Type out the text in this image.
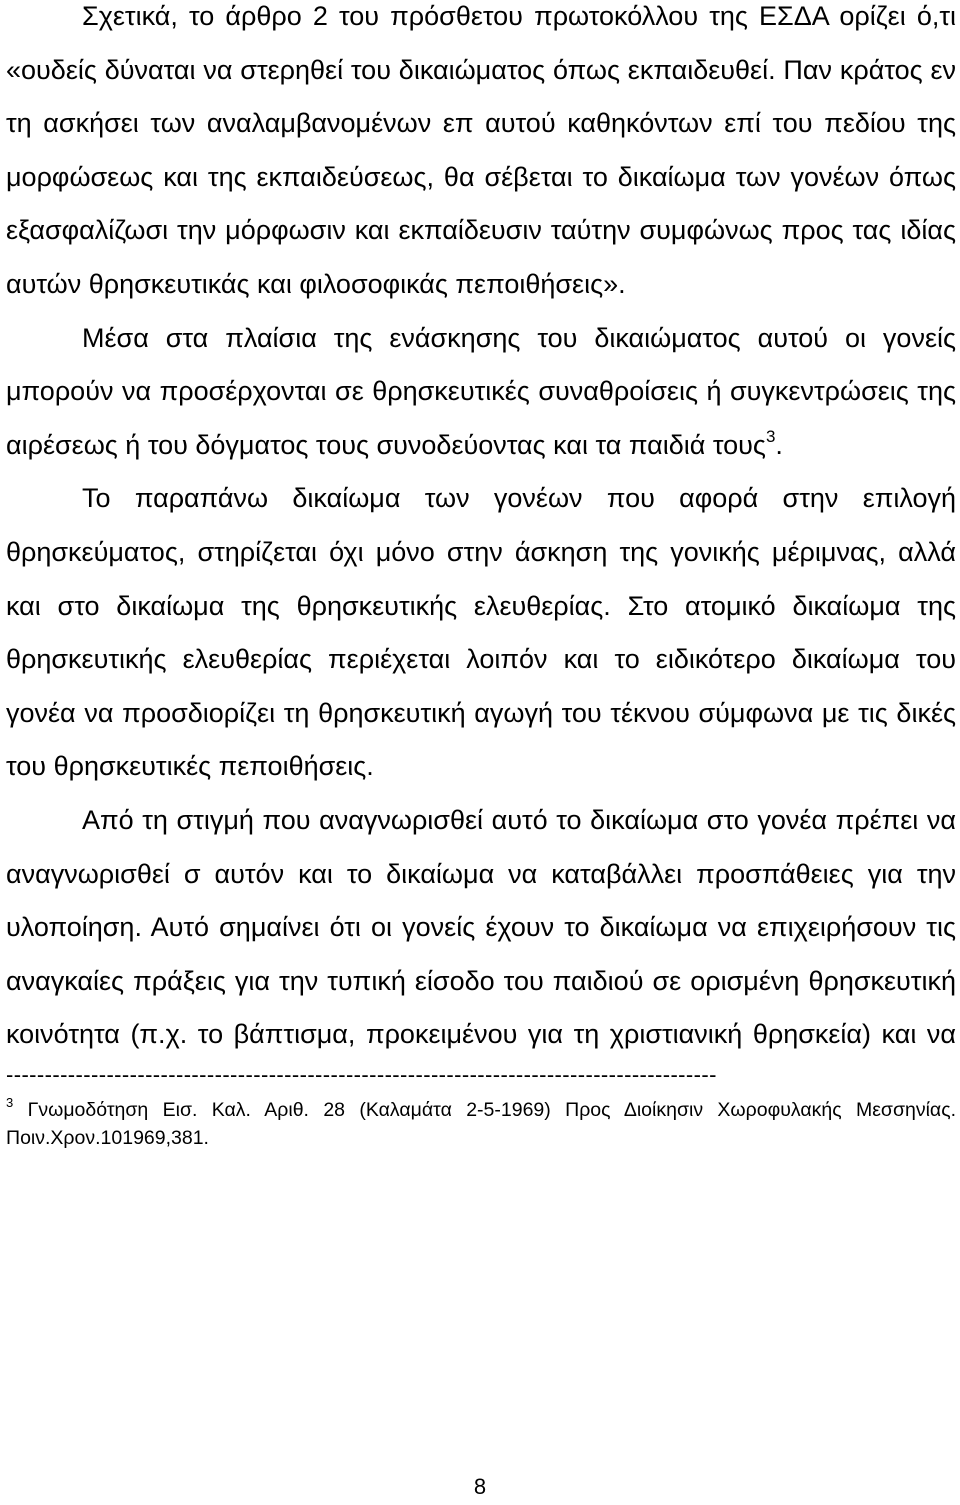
Σχετικά, το άρθρο 2 του πρόσθετου πρωτοκόλλου της ΕΣΔΑ ορίζει ό,τι «ουδείς δύναται να στερηθεί του δικαιώματος όπως εκπαιδευθεί. Παν κράτος εν τη ασκήσει των αναλαμβανομένων επ αυτού καθηκόντων επί του πεδίου της μορφώσεως και της εκπαιδεύσεως, θα σέβεται το δικαίωμα των γονέων όπως εξασφαλίζωσι την μόρφωσιν και εκπαίδευσιν ταύτην συμφώνως προς τας ιδίας αυτών θρησκευτικάς και φιλοσοφικάς πεποιθήσεις».

Μέσα στα πλαίσια της ενάσκησης του δικαιώματος αυτού οι γονείς μπορούν να προσέρχονται σε θρησκευτικές συναθροίσεις ή συγκεντρώσεις της αιρέσεως ή του δόγματος τους συνοδεύοντας και τα παιδιά τους$^3$.

Το παραπάνω δικαίωμα των γονέων που αφορά στην επιλογή θρησκεύματος, στηρίζεται όχι μόνο στην άσκηση της γονικής μέριμνας, αλλά και στο δικαίωμα της θρησκευτικής ελευθερίας. Στο ατομικό δικαίωμα της θρησκευτικής ελευθερίας περιέχεται λοιπόν και το ειδικότερο δικαίωμα του γονέα να προσδιορίζει τη θρησκευτική αγωγή του τέκνου σύμφωνα με τις δικές του θρησκευτικές πεποιθήσεις.

Από τη στιγμή που αναγνωρισθεί αυτό το δικαίωμα στο γονέα πρέπει να αναγνωρισθεί σ αυτόν και το δικαίωμα να καταβάλλει προσπάθειες για την υλοποίηση. Αυτό σημαίνει ότι οι γονείς έχουν το δικαίωμα να επιχειρήσουν τις αναγκαίες πράξεις για την τυπική είσοδο του παιδιού σε ορισμένη θρησκευτική κοινότητα (π.χ. το βάπτισμα, προκειμένου για τη χριστιανική θρησκεία) και να

--------------------------------------------------------------------------------------------
$^3$ Γνωμοδότηση Εισ. Καλ. Αριθ. 28 (Καλαμάτα 2-5-1969) Προς Διοίκησιν Χωροφυλακής Μεσσηνίας. Ποιν.Χρον.101969,381.
8
